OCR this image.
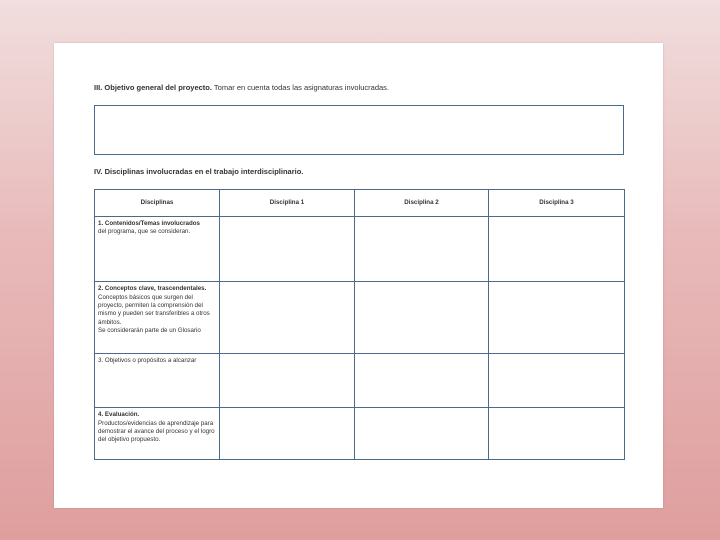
III. Objetivo general del proyecto. Tomar en cuenta todas las asignaturas involucradas.
IV. Disciplinas involucradas en el trabajo interdisciplinario.
Disciplinas	Disciplina 1	Disciplina 2	Disciplina 3
1. Contenidos/Temas involucrados
del programa, que se consideran.			
2. Conceptos clave, trascendentales.
Conceptos básicos que surgen del proyecto, permiten la comprensión del mismo y pueden ser transferibles a otros ámbitos.
Se considerarán parte de un Glosario			
3. Objetivos o propósitos a alcanzar			
4. Evaluación.
Productos/evidencias de aprendizaje para demostrar el avance del proceso y el logro del objetivo propuesto.			
